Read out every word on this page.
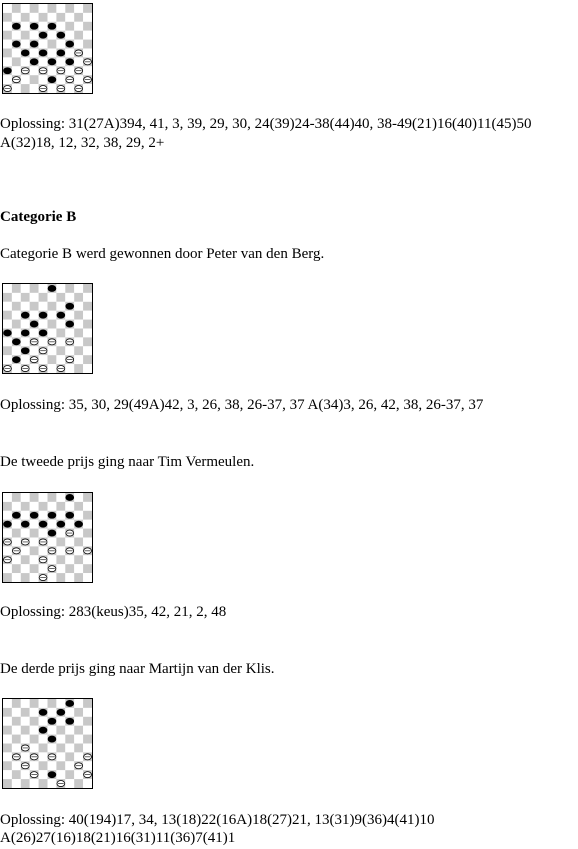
Oplossing: 31(27A)394, 41, 3, 39, 29, 30, 24(39)24-38(44)40, 38-49(21)16(40)11(45)50

A(32)18, 12, 32, 38, 29, 2+

Categorie B

Categorie B werd gewonnen door Peter van den Berg.

Oplossing: 35, 30, 29(49A)42, 3, 26, 38, 26-37, 37 A(34)3, 26, 42, 38, 26-37, 37

De tweede prijs ging naar Tim Vermeulen.

Oplossing: 283(keus)35, 42, 21, 2, 48

De derde prijs ging naar Martijn van der Klis.

Oplossing: 40(194)17, 34, 13(18)22(16A)18(27)21, 13(31)9(36)4(41)10

A(26)27(16)18(21)16(31)11(36)7(41)1
